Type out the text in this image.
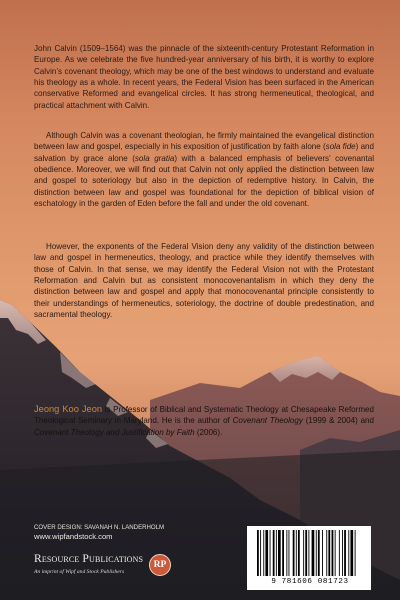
John Calvin (1509–1564) was the pinnacle of the sixteenth-century Protestant Reformation in Europe. As we celebrate the five hundred-year anniversary of his birth, it is worthy to explore Calvin’s covenant theology, which may be one of the best windows to understand and evaluate his theology as a whole. In recent years, the Federal Vision has been surfaced in the American conservative Reformed and evangelical circles. It has strong hermeneutical, theological, and practical attachment with Calvin.

Although Calvin was a covenant theologian, he firmly maintained the evangelical distinction between law and gospel, especially in his exposition of justification by faith alone (sola fide) and salvation by grace alone (sola gratia) with a balanced emphasis of believers’ covenantal obedience. Moreover, we will find out that Calvin not only applied the distinction between law and gospel to soteriology but also in the depiction of redemptive history. In Calvin, the distinction between law and gospel was foundational for the depiction of biblical vision of eschatology in the garden of Eden before the fall and under the old covenant.

However, the exponents of the Federal Vision deny any validity of the distinction between law and gospel in hermeneutics, theology, and practice while they identify themselves with those of Calvin. In that sense, we may identify the Federal Vision not with the Protestant Reformation and Calvin but as consistent monocovenantalism in which they deny the distinction between law and gospel and apply that monocovenantal principle consistently to their understandings of hermeneutics, soteriology, the doctrine of double predestination, and sacramental theology.

Jeong Koo Jeon is Professor of Biblical and Systematic Theology at Chesapeake Reformed Theological Seminary in Maryland. He is the author of Covenant Theology (1999 & 2004) and Covenant Theology and Justification by Faith (2006).

COVER DESIGN: SAVANAH N. LANDERHOLM

www.wipfandstock.com

Resource Publications

An imprint of Wipf and Stock Publishers

RP

9 781606 081723
